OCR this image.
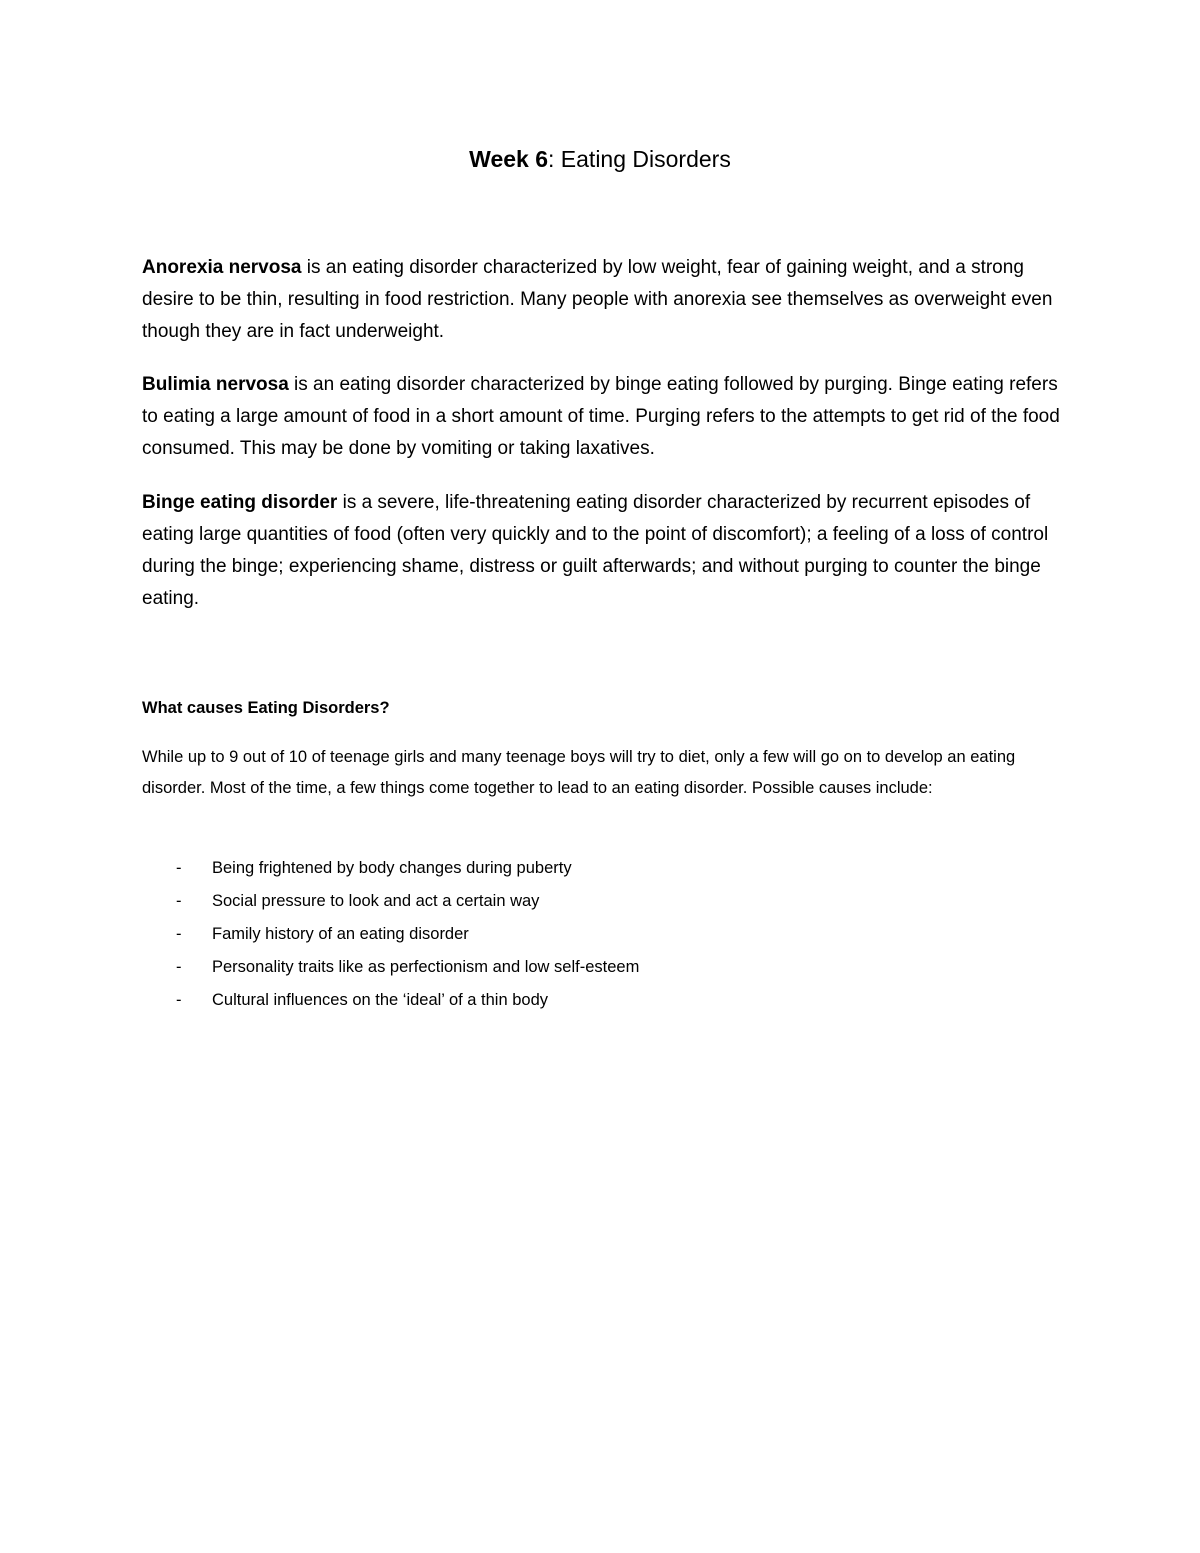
Week 6: Eating Disorders

Anorexia nervosa is an eating disorder characterized by low weight, fear of gaining weight, and a strong desire to be thin, resulting in food restriction. Many people with anorexia see themselves as overweight even though they are in fact underweight.

Bulimia nervosa is an eating disorder characterized by binge eating followed by purging. Binge eating refers to eating a large amount of food in a short amount of time. Purging refers to the attempts to get rid of the food consumed. This may be done by vomiting or taking laxatives.

Binge eating disorder is a severe, life-threatening eating disorder characterized by recurrent episodes of eating large quantities of food (often very quickly and to the point of discomfort); a feeling of a loss of control during the binge; experiencing shame, distress or guilt afterwards; and without purging to counter the binge eating.

What causes Eating Disorders?

While up to 9 out of 10 of teenage girls and many teenage boys will try to diet, only a few will go on to develop an eating disorder. Most of the time, a few things come together to lead to an eating disorder. Possible causes include:

- Being frightened by body changes during puberty
- Social pressure to look and act a certain way
- Family history of an eating disorder
- Personality traits like as perfectionism and low self-esteem
- Cultural influences on the ‘ideal’ of a thin body
